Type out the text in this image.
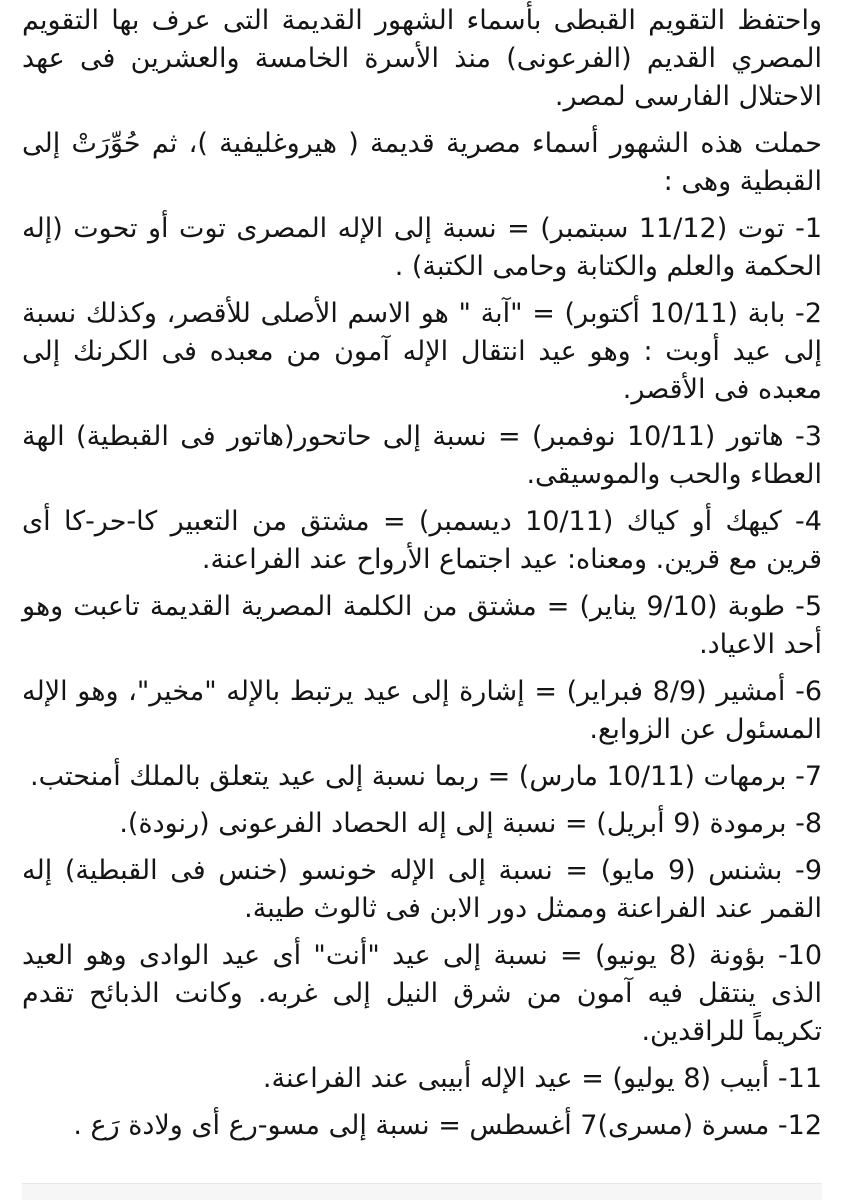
واحتفظ التقويم القبطى بأسماء الشهور القديمة التى عرف بها التقويم المصري القديم (الفرعونى) منذ الأسرة الخامسة والعشرين فى عهد الاحتلال الفارسى لمصر.

حملت هذه الشهور أسماء مصرية قديمة ( هيروغليفية )، ثم حُوِّرَتْ إلى القبطية وهى :

1- توت (11/12 سبتمبر) = نسبة إلى الإله المصرى توت أو تحوت (إله الحكمة والعلم والكتابة وحامى الكتبة) .

2- بابة (10/11 أكتوبر) = "آبة " هو الاسم الأصلى للأقصر، وكذلك نسبة إلى عيد أوبت : وهو عيد انتقال الإله آمون من معبده فى الكرنك إلى معبده فى الأقصر.

3- هاتور (10/11 نوفمبر) = نسبة إلى حاتحور(هاتور فى القبطية) الهة العطاء والحب والموسيقى.

4- كيهك أو كياك (10/11 ديسمبر) = مشتق من التعبير كا-حر-كا أى قرين مع قرين. ومعناه: عيد اجتماع الأرواح عند الفراعنة.

5- طوبة (9/10 يناير) = مشتق من الكلمة المصرية القديمة تاعبت وهو أحد الاعياد.

6- أمشير (8/9 فبراير) = إشارة إلى عيد يرتبط بالإله "مخير"، وهو الإله المسئول عن الزوابع.

7- برمهات (10/11 مارس) = ربما نسبة إلى عيد يتعلق بالملك أمنحتب.

8- برمودة (9 أبريل) = نسبة إلى إله الحصاد الفرعونى (رنودة).

9- بشنس (9 مايو) = نسبة إلى الإله خونسو (خنس فى القبطية) إله القمر عند الفراعنة وممثل دور الابن فى ثالوث طيبة.

10- بؤونة (8 يونيو) = نسبة إلى عيد "أنت" أى عيد الوادى وهو العيد الذى ينتقل فيه آمون من شرق النيل إلى غربه. وكانت الذبائح تقدم تكريماً للراقدين.

11- أبيب (8 يوليو) = عيد الإله أبيبى عند الفراعنة.

12- مسرة (مسرى)7 أغسطس = نسبة إلى مسو-رع أى ولادة رَع .
